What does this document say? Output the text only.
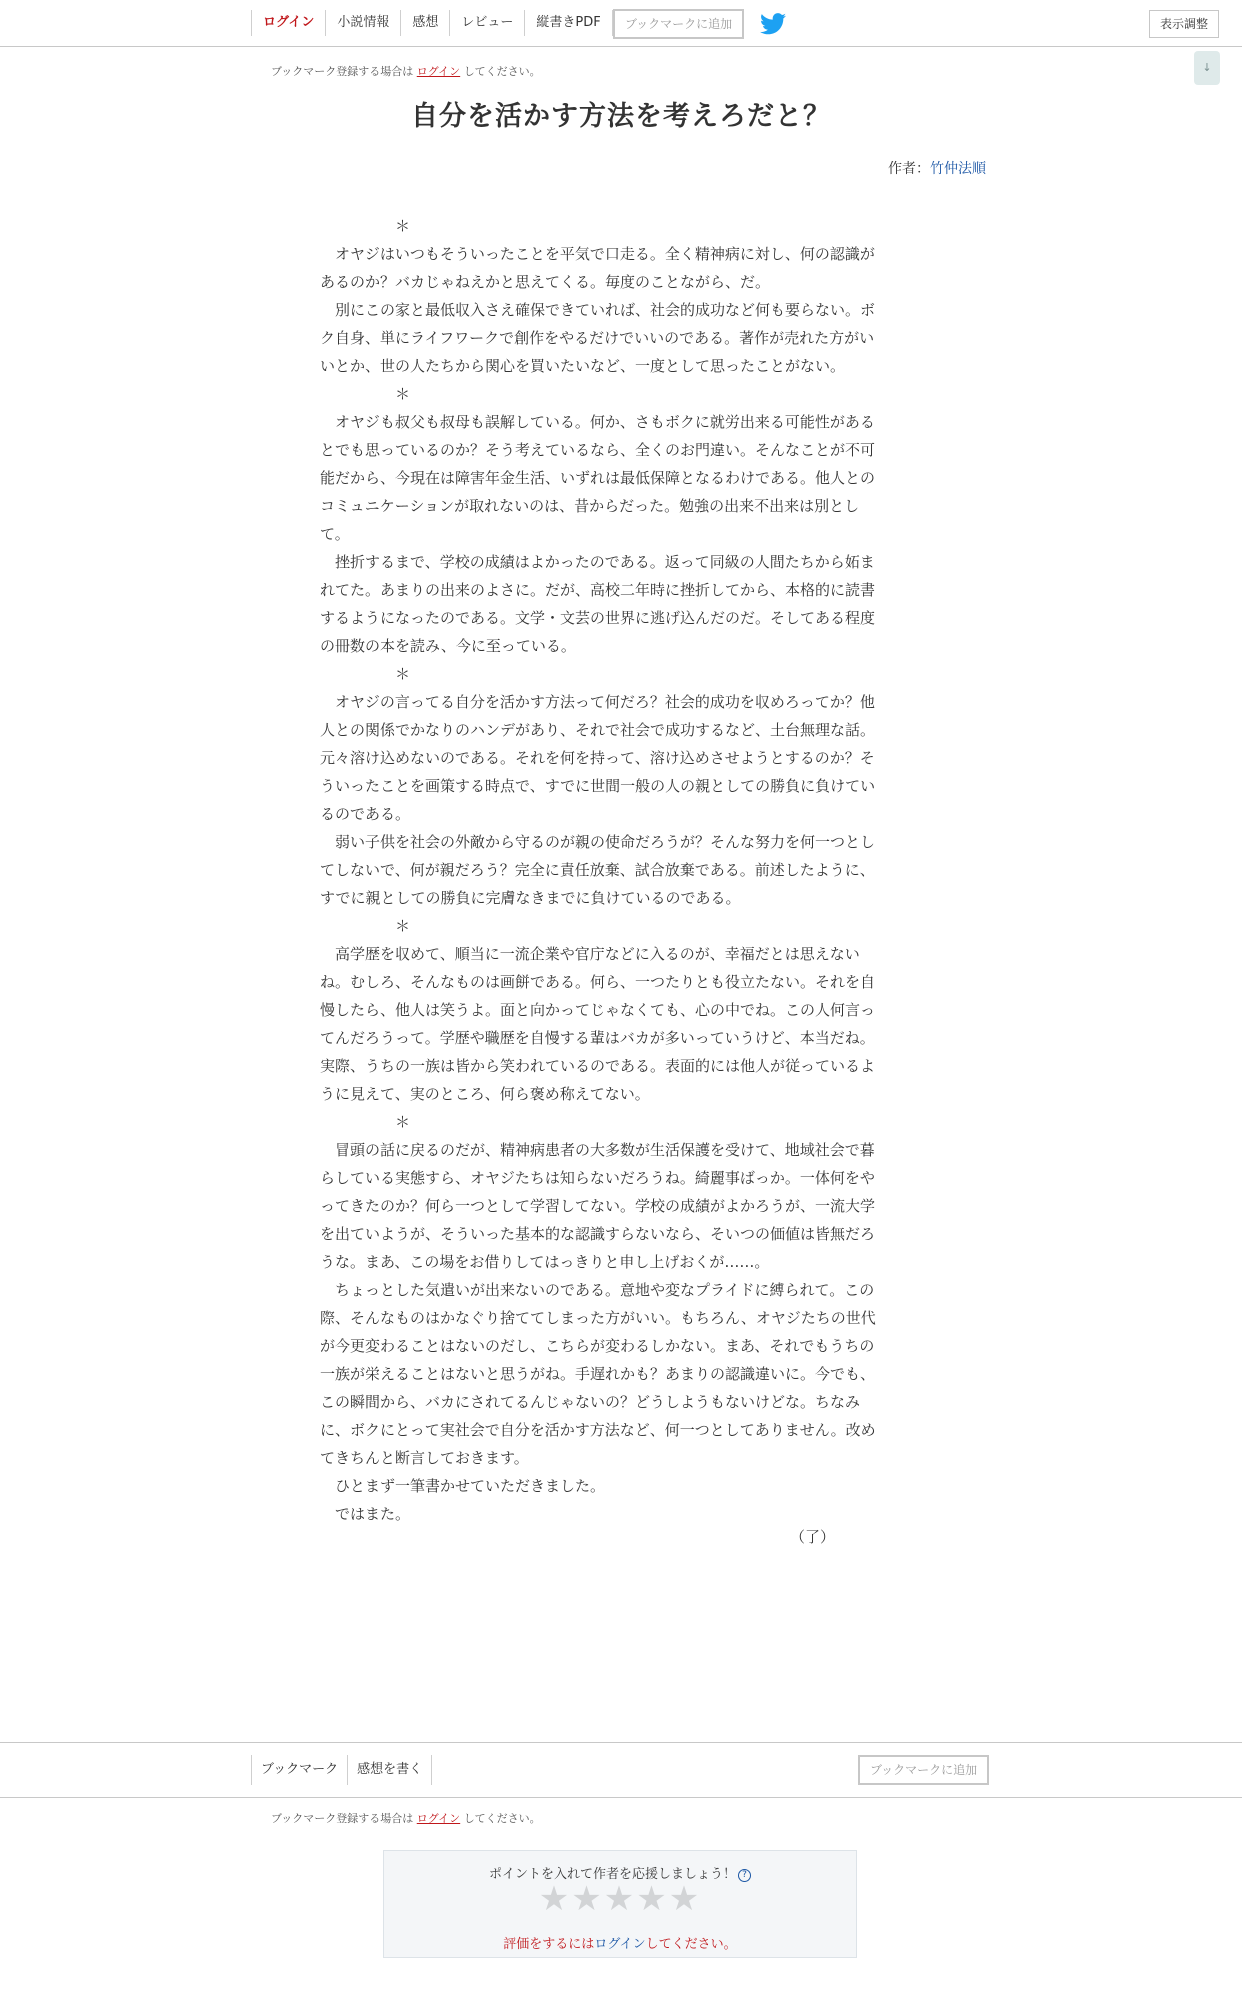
ログイン	小説情報	感想	レビュー	縦書きPDF	ブックマークに追加	表示調整
↓
ブックマーク登録する場合は ログイン してください。
自分を活かす方法を考えろだと？
作者：竹仲法順
　　　　　＊
　オヤジはいつもそういったことを平気で口走る。全く精神病に対し、何の認識が
あるのか？バカじゃねえかと思えてくる。毎度のことながら、だ。
　別にこの家と最低収入さえ確保できていれば、社会的成功など何も要らない。ボ
ク自身、単にライフワークで創作をやるだけでいいのである。著作が売れた方がい
いとか、世の人たちから関心を買いたいなど、一度として思ったことがない。
　　　　　＊
　オヤジも叔父も叔母も誤解している。何か、さもボクに就労出来る可能性がある
とでも思っているのか？そう考えているなら、全くのお門違い。そんなことが不可
能だから、今現在は障害年金生活、いずれは最低保障となるわけである。他人との
コミュニケーションが取れないのは、昔からだった。勉強の出来不出来は別とし
て。
　挫折するまで、学校の成績はよかったのである。返って同級の人間たちから妬ま
れてた。あまりの出来のよさに。だが、高校二年時に挫折してから、本格的に読書
するようになったのである。文学・文芸の世界に逃げ込んだのだ。そしてある程度
の冊数の本を読み、今に至っている。
　　　　　＊
　オヤジの言ってる自分を活かす方法って何だろ？社会的成功を収めろってか？他
人との関係でかなりのハンデがあり、それで社会で成功するなど、土台無理な話。
元々溶け込めないのである。それを何を持って、溶け込めさせようとするのか？そ
ういったことを画策する時点で、すでに世間一般の人の親としての勝負に負けてい
るのである。
　弱い子供を社会の外敵から守るのが親の使命だろうが？そんな努力を何一つとし
てしないで、何が親だろう？完全に責任放棄、試合放棄である。前述したように、
すでに親としての勝負に完膚なきまでに負けているのである。
　　　　　＊
　高学歴を収めて、順当に一流企業や官庁などに入るのが、幸福だとは思えない
ね。むしろ、そんなものは画餅である。何ら、一つたりとも役立たない。それを自
慢したら、他人は笑うよ。面と向かってじゃなくても、心の中でね。この人何言っ
てんだろうって。学歴や職歴を自慢する輩はバカが多いっていうけど、本当だね。
実際、うちの一族は皆から笑われているのである。表面的には他人が従っているよ
うに見えて、実のところ、何ら褒め称えてない。
　　　　　＊
　冒頭の話に戻るのだが、精神病患者の大多数が生活保護を受けて、地域社会で暮
らしている実態すら、オヤジたちは知らないだろうね。綺麗事ばっか。一体何をや
ってきたのか？何ら一つとして学習してない。学校の成績がよかろうが、一流大学
を出ていようが、そういった基本的な認識すらないなら、そいつの価値は皆無だろ
うな。まあ、この場をお借りしてはっきりと申し上げおくが……。
　ちょっとした気遣いが出来ないのである。意地や変なプライドに縛られて。この
際、そんなものはかなぐり捨ててしまった方がいい。もちろん、オヤジたちの世代
が今更変わることはないのだし、こちらが変わるしかない。まあ、それでもうちの
一族が栄えることはないと思うがね。手遅れかも？あまりの認識違いに。今でも、
この瞬間から、バカにされてるんじゃないの？どうしようもないけどな。ちなみ
に、ボクにとって実社会で自分を活かす方法など、何一つとしてありません。改め
てきちんと断言しておきます。
　ひとまず一筆書かせていただきました。
　ではまた。
（了）
ブックマーク	感想を書く	ブックマークに追加
ブックマーク登録する場合は ログイン してください。
ポイントを入れて作者を応援しましょう！ ?
★★★★★
評価をするにはログインしてください。
